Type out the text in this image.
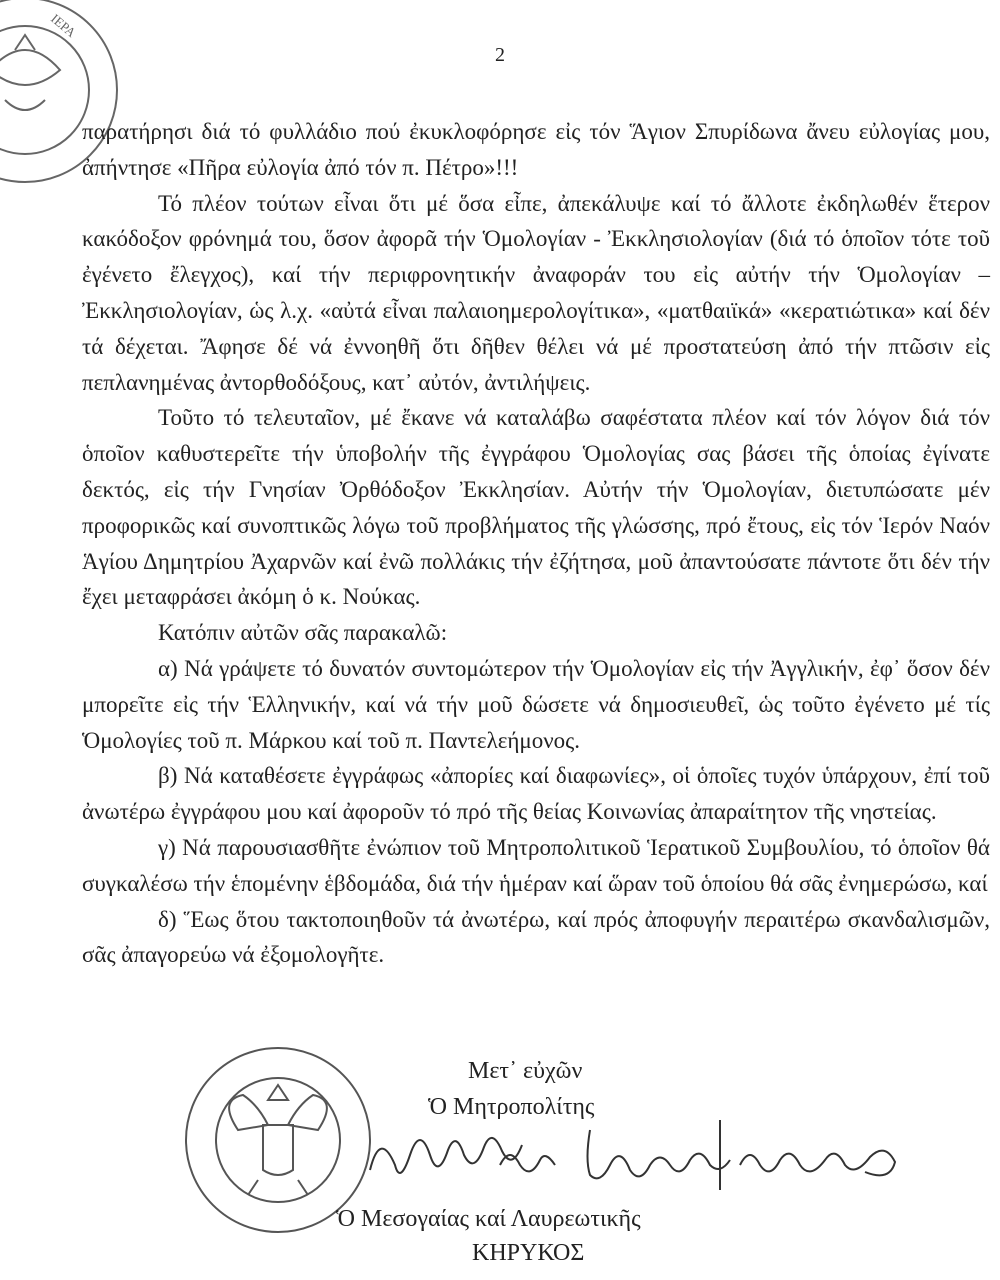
ΙΕΡΑ
2

παρατήρησι διά τό φυλλάδιο πού ἐκυκλοφόρησε εἰς τόν Ἅγιον Σπυρίδωνα ἄνευ εὐλογίας μου, ἀπήντησε «Πῆρα εὐλογία ἀπό τόν π. Πέτρο»!!!

Τό πλέον τούτων εἶναι ὅτι μέ ὅσα εἶπε, ἀπεκάλυψε καί τό ἄλλοτε ἐκδηλωθέν ἕτερον κακόδοξον φρόνημά του, ὅσον ἀφορᾶ τήν Ὁμολογίαν - Ἐκκλησιολογίαν (διά τό ὁποῖον τότε τοῦ ἐγένετο ἔλεγχος), καί τήν περιφρονητικήν ἀναφοράν του εἰς αὐτήν τήν Ὁμολογίαν – Ἐκκλησιολογίαν, ὡς λ.χ. «αὐτά εἶναι παλαιοημερολογίτικα», «ματθαιϊκά» «κερατιώτικα» καί δέν τά δέχεται. Ἄφησε δέ νά ἐννοηθῆ ὅτι δῆθεν θέλει νά μέ προστατεύση ἀπό τήν πτῶσιν εἰς πεπλανημένας ἀντορθοδόξους, κατ᾽ αὐτόν, ἀντιλήψεις.

Τοῦτο τό τελευταῖον, μέ ἔκανε νά καταλάβω σαφέστατα πλέον καί τόν λόγον διά τόν ὁποῖον καθυστερεῖτε τήν ὑποβολήν τῆς ἐγγράφου Ὁμολογίας σας βάσει τῆς ὁποίας ἐγίνατε δεκτός, εἰς τήν Γνησίαν Ὀρθόδοξον Ἐκκλησίαν. Αὐτήν τήν Ὁμολογίαν, διετυπώσατε μέν προφορικῶς καί συνοπτικῶς λόγω τοῦ προβλήματος τῆς γλώσσης, πρό ἔτους, εἰς τόν Ἱερόν Ναόν Ἁγίου Δημητρίου Ἀχαρνῶν καί ἐνῶ πολλάκις τήν ἐζήτησα, μοῦ ἀπαντούσατε πάντοτε ὅτι δέν τήν ἔχει μεταφράσει ἀκόμη ὁ κ. Νούκας.

Κατόπιν αὐτῶν σᾶς παρακαλῶ:

α) Νά γράψετε τό δυνατόν συντομώτερον τήν Ὁμολογίαν εἰς τήν Ἀγγλικήν, ἐφ᾽ ὅσον δέν μπορεῖτε εἰς τήν Ἑλληνικήν, καί νά τήν μοῦ δώσετε νά δημοσιευθεῖ, ὡς τοῦτο ἐγένετο μέ τίς Ὁμολογίες τοῦ π. Μάρκου καί τοῦ π. Παντελεήμονος.

β) Νά καταθέσετε ἐγγράφως «ἀπορίες καί διαφωνίες», οἱ ὁποῖες τυχόν ὑπάρχουν, ἐπί τοῦ ἀνωτέρω ἐγγράφου μου καί ἀφοροῦν τό πρό τῆς θείας Κοινωνίας ἀπαραίτητον τῆς νηστείας.

γ) Νά παρουσιασθῆτε ἐνώπιον τοῦ Μητροπολιτικοῦ Ἱερατικοῦ Συμβουλίου, τό ὁποῖον θά συγκαλέσω τήν ἑπομένην ἑβδομάδα, διά τήν ἡμέραν καί ὥραν τοῦ ὁποίου θά σᾶς ἐνημερώσω, καί

δ) Ἕως ὅτου τακτοποιηθοῦν τά ἀνωτέρω, καί πρός ἀποφυγήν περαιτέρω σκανδαλισμῶν, σᾶς ἀπαγορεύω νά ἐξομολογῆτε.

Μετ᾽ εὐχῶν
Ὁ Μητροπολίτης
Ὁ Μεσογαίας καί Λαυρεωτικῆς
ΚΗΡΥΚΟΣ
